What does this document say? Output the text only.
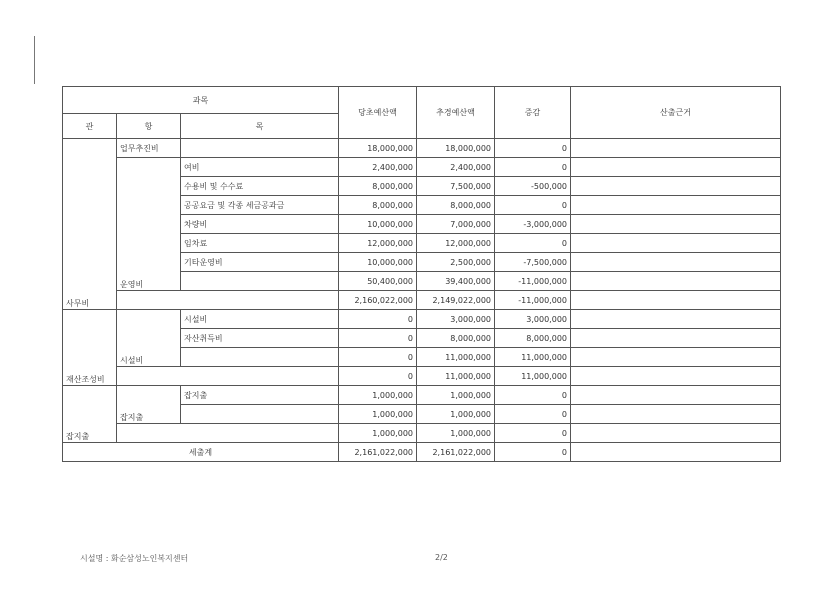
과목			당초예산액	추경예산액	증감	산출근거
관	항	목				
사무비	업무추진비		18,000,000	18,000,000	0	
	운영비	여비	2,400,000	2,400,000	0	
		수용비 및 수수료	8,000,000	7,500,000	-500,000	
		공공요금 및 각종 세금공과금	8,000,000	8,000,000	0	
		차량비	10,000,000	7,000,000	-3,000,000	
		임차료	12,000,000	12,000,000	0	
		기타운영비	10,000,000	2,500,000	-7,500,000	
			50,400,000	39,400,000	-11,000,000	
			2,160,022,000	2,149,022,000	-11,000,000	
재산조성비	시설비	시설비	0	3,000,000	3,000,000	
		자산취득비	0	8,000,000	8,000,000	
			0	11,000,000	11,000,000	
			0	11,000,000	11,000,000	
잡지출	잡지출	잡지출	1,000,000	1,000,000	0	
			1,000,000	1,000,000	0	
			1,000,000	1,000,000	0	
세출계			2,161,022,000	2,161,022,000	0	
시설명 : 화순삼성노인복지센터	2/2
